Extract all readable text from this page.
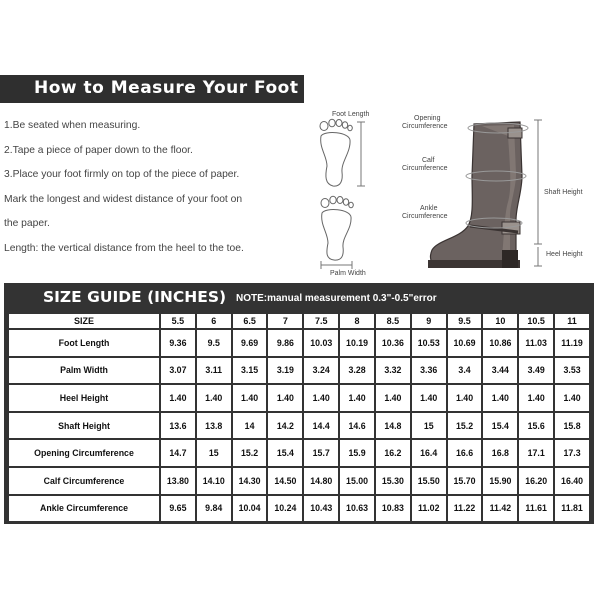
How to Measure Your Foot

1.Be seated when measuring.

2.Tape a piece of paper down to the floor.

3.Place your foot firmly on top of the piece of paper.

Mark the longest and widest distance of your foot on

the paper.

Length: the vertical distance from the heel to the toe.

Foot Length
Palm Width
Opening Circumference
Calf Circumference
Ankle Circumference
Shaft Height
Heel Height
SIZE GUIDE (INCHES) NOTE:manual measurement 0.3"-0.5"error
SIZE	5.5	6	6.5	7	7.5	8	8.5	9	9.5	10	10.5	11
Foot Length	9.36	9.5	9.69	9.86	10.03	10.19	10.36	10.53	10.69	10.86	11.03	11.19
Palm Width	3.07	3.11	3.15	3.19	3.24	3.28	3.32	3.36	3.4	3.44	3.49	3.53
Heel Height	1.40	1.40	1.40	1.40	1.40	1.40	1.40	1.40	1.40	1.40	1.40	1.40
Shaft Height	13.6	13.8	14	14.2	14.4	14.6	14.8	15	15.2	15.4	15.6	15.8
Opening Circumference	14.7	15	15.2	15.4	15.7	15.9	16.2	16.4	16.6	16.8	17.1	17.3
Calf Circumference	13.80	14.10	14.30	14.50	14.80	15.00	15.30	15.50	15.70	15.90	16.20	16.40
Ankle Circumference	9.65	9.84	10.04	10.24	10.43	10.63	10.83	11.02	11.22	11.42	11.61	11.81
